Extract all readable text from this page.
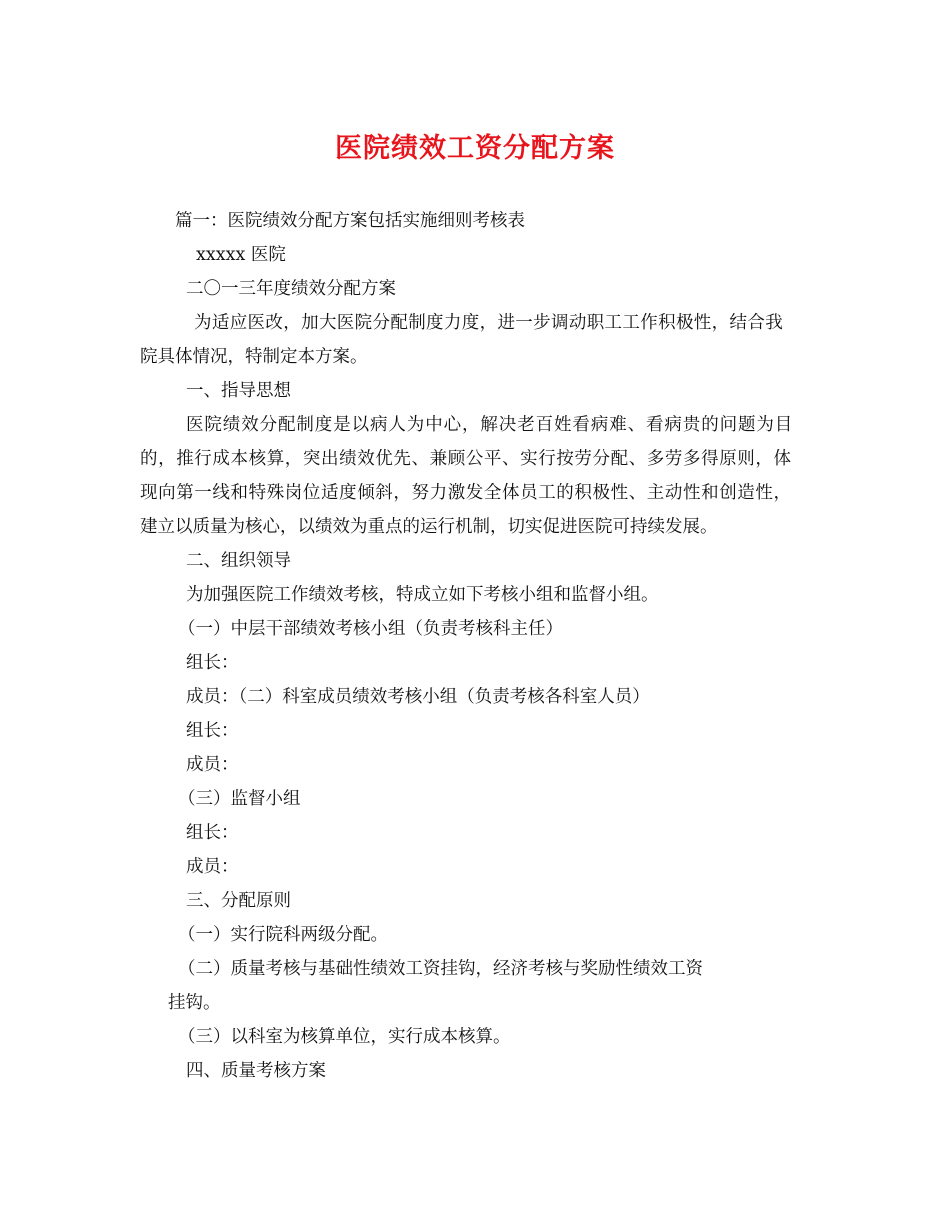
医院绩效工资分配方案
篇一：医院绩效分配方案包括实施细则考核表
xxxxx 医院
二〇一三年度绩效分配方案
为适应医改，加大医院分配制度力度，进一步调动职工工作积极性，结合我
院具体情况，特制定本方案。
一、指导思想
医院绩效分配制度是以病人为中心，解决老百姓看病难、看病贵的问题为目
的，推行成本核算，突出绩效优先、兼顾公平、实行按劳分配、多劳多得原则，体
现向第一线和特殊岗位适度倾斜，努力激发全体员工的积极性、主动性和创造性，
建立以质量为核心，以绩效为重点的运行机制，切实促进医院可持续发展。
二、组织领导
为加强医院工作绩效考核，特成立如下考核小组和监督小组。
（一）中层干部绩效考核小组（负责考核科主任）
组长：
成员：（二）科室成员绩效考核小组（负责考核各科室人员）
组长：
成员：
（三）监督小组
组长：
成员：
三、分配原则
（一）实行院科两级分配。
（二）质量考核与基础性绩效工资挂钩，经济考核与奖励性绩效工资
挂钩。
（三）以科室为核算单位，实行成本核算。
四、质量考核方案
